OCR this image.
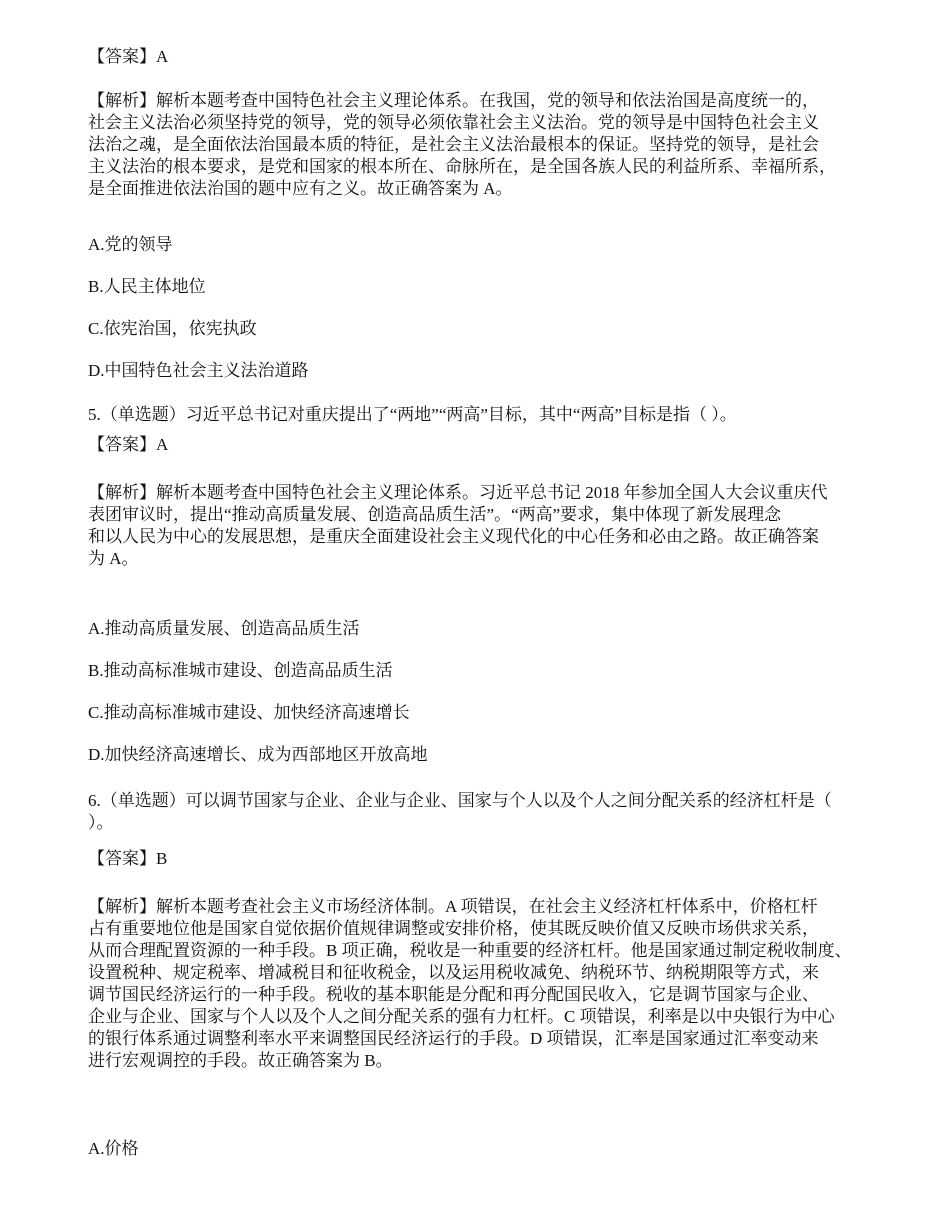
【答案】A
【解析】解析本题考查中国特色社会主义理论体系。在我国，党的领导和依法治国是高度统一的，
社会主义法治必须坚持党的领导，党的领导必须依靠社会主义法治。党的领导是中国特色社会主义
法治之魂，是全面依法治国最本质的特征，是社会主义法治最根本的保证。坚持党的领导，是社会
主义法治的根本要求，是党和国家的根本所在、命脉所在，是全国各族人民的利益所系、幸福所系，
是全面推进依法治国的题中应有之义。故正确答案为 A。
A.党的领导
B.人民主体地位
C.依宪治国，依宪执政
D.中国特色社会主义法治道路
5.（单选题）习近平总书记对重庆提出了“两地”“两高”目标，其中“两高”目标是指（ ）。
【答案】A
【解析】解析本题考查中国特色社会主义理论体系。习近平总书记 2018 年参加全国人大会议重庆代
表团审议时，提出“推动高质量发展、创造高品质生活”。“两高”要求，集中体现了新发展理念
和以人民为中心的发展思想，是重庆全面建设社会主义现代化的中心任务和必由之路。故正确答案
为 A。
A.推动高质量发展、创造高品质生活
B.推动高标准城市建设、创造高品质生活
C.推动高标准城市建设、加快经济高速增长
D.加快经济高速增长、成为西部地区开放高地
6.（单选题）可以调节国家与企业、企业与企业、国家与个人以及个人之间分配关系的经济杠杆是（
）。
【答案】B
【解析】解析本题考查社会主义市场经济体制。A 项错误，在社会主义经济杠杆体系中，价格杠杆
占有重要地位他是国家自觉依据价值规律调整或安排价格，使其既反映价值又反映市场供求关系，
从而合理配置资源的一种手段。B 项正确，税收是一种重要的经济杠杆。他是国家通过制定税收制度、
设置税种、规定税率、增减税目和征收税金，以及运用税收减免、纳税环节、纳税期限等方式，来
调节国民经济运行的一种手段。税收的基本职能是分配和再分配国民收入，它是调节国家与企业、
企业与企业、国家与个人以及个人之间分配关系的强有力杠杆。C 项错误，利率是以中央银行为中心
的银行体系通过调整利率水平来调整国民经济运行的手段。D 项错误，汇率是国家通过汇率变动来
进行宏观调控的手段。故正确答案为 B。
A.价格
